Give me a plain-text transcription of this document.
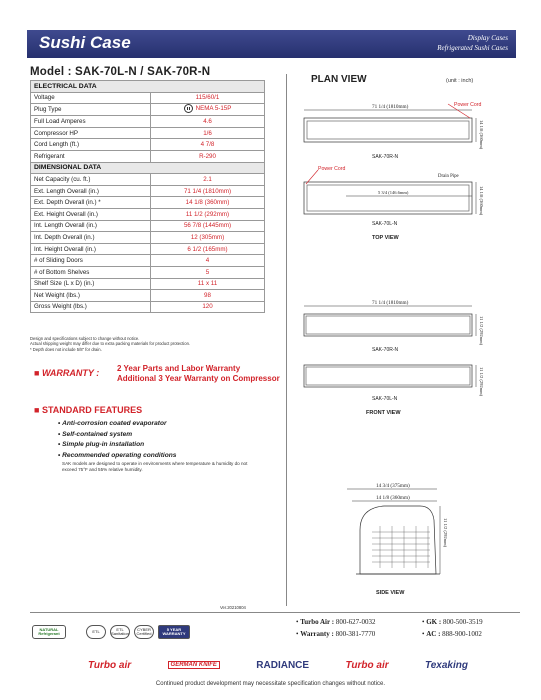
Sushi Case	Display Cases
Refrigerated Sushi Cases
Model : SAK-70L-N / SAK-70R-N
ELECTRICAL DATA	
Voltage	115/60/1
Plug Type	NEMA 5-15P

Full Load Amperes	4.6
Compressor HP	1/6
Cord Length (ft.)	4 7/8
Refrigerant	R-290
DIMENSIONAL DATA	
Net Capacity (cu. ft.)	2.1
Ext. Length Overall (in.)	71 1/4 (1810mm)
Ext. Depth Overall (in.) *	14 1/8 (360mm)
Ext. Height Overall (in.)	11 1/2 (292mm)
Int. Length Overall (in.)	56 7/8 (1445mm)
Int. Depth Overall (in.)	12 (305mm)
Int. Height Overall (in.)	6 1/2 (165mm)
# of Sliding Doors	4
# of Bottom Shelves	5
Shelf Size (L x D) (in.)	11 x 11
Net Weight (lbs.)	98
Gross Weight (lbs.)	120
Design and specifications subject to change without notice.
Actual shipping weight may differ due to extra packing materials for product protection.
* Depth does not include 5/8" for drain.
■ WARRANTY : 2 Year Parts and Labor Warranty
Additional 3 Year Warranty on Compressor
■ STANDARD FEATURES
• Anti-corrosion coated evaporator
• Self-contained system
• Simple plug-in installation
• Recommended operating conditions
SAK models are designed to operate in environments where temperature & humidity do not exceed 75°F and 55% relative humidity.
Ver.20210804
PLAN VIEW	(unit : inch)
71 1/4 (1810mm)	Power Cord
14 1/8 (360mm)
SAK-70R-N
Power Cord
Drain Pipe
5 3/4 (146.6mm)	14 1/8 (360mm)
SAK-70L-N
TOP VIEW
71 1/4 (1810mm)
11 1/2 (292mm)
SAK-70R-N
11 1/2 (292mm)
SAK-70L-N
FRONT VIEW
14 3/4 (375mm)
14 1/8 (360mm)
11 1/2 (292mm)
SIDE VIEW
• Turbo Air : 800-627-0032	• GK : 800-500-3519
• Warranty : 800-381-7770	• AC : 888-900-1002
NATURAL Refrigerant	ETL	ETL Sanitation
CYBER Certified
5 YEAR WARRANTY
Turbo air	GERMAN KNIFE	RADIANCE	Turbo air	Texaking
Continued product development may necessitate specification changes without notice.
